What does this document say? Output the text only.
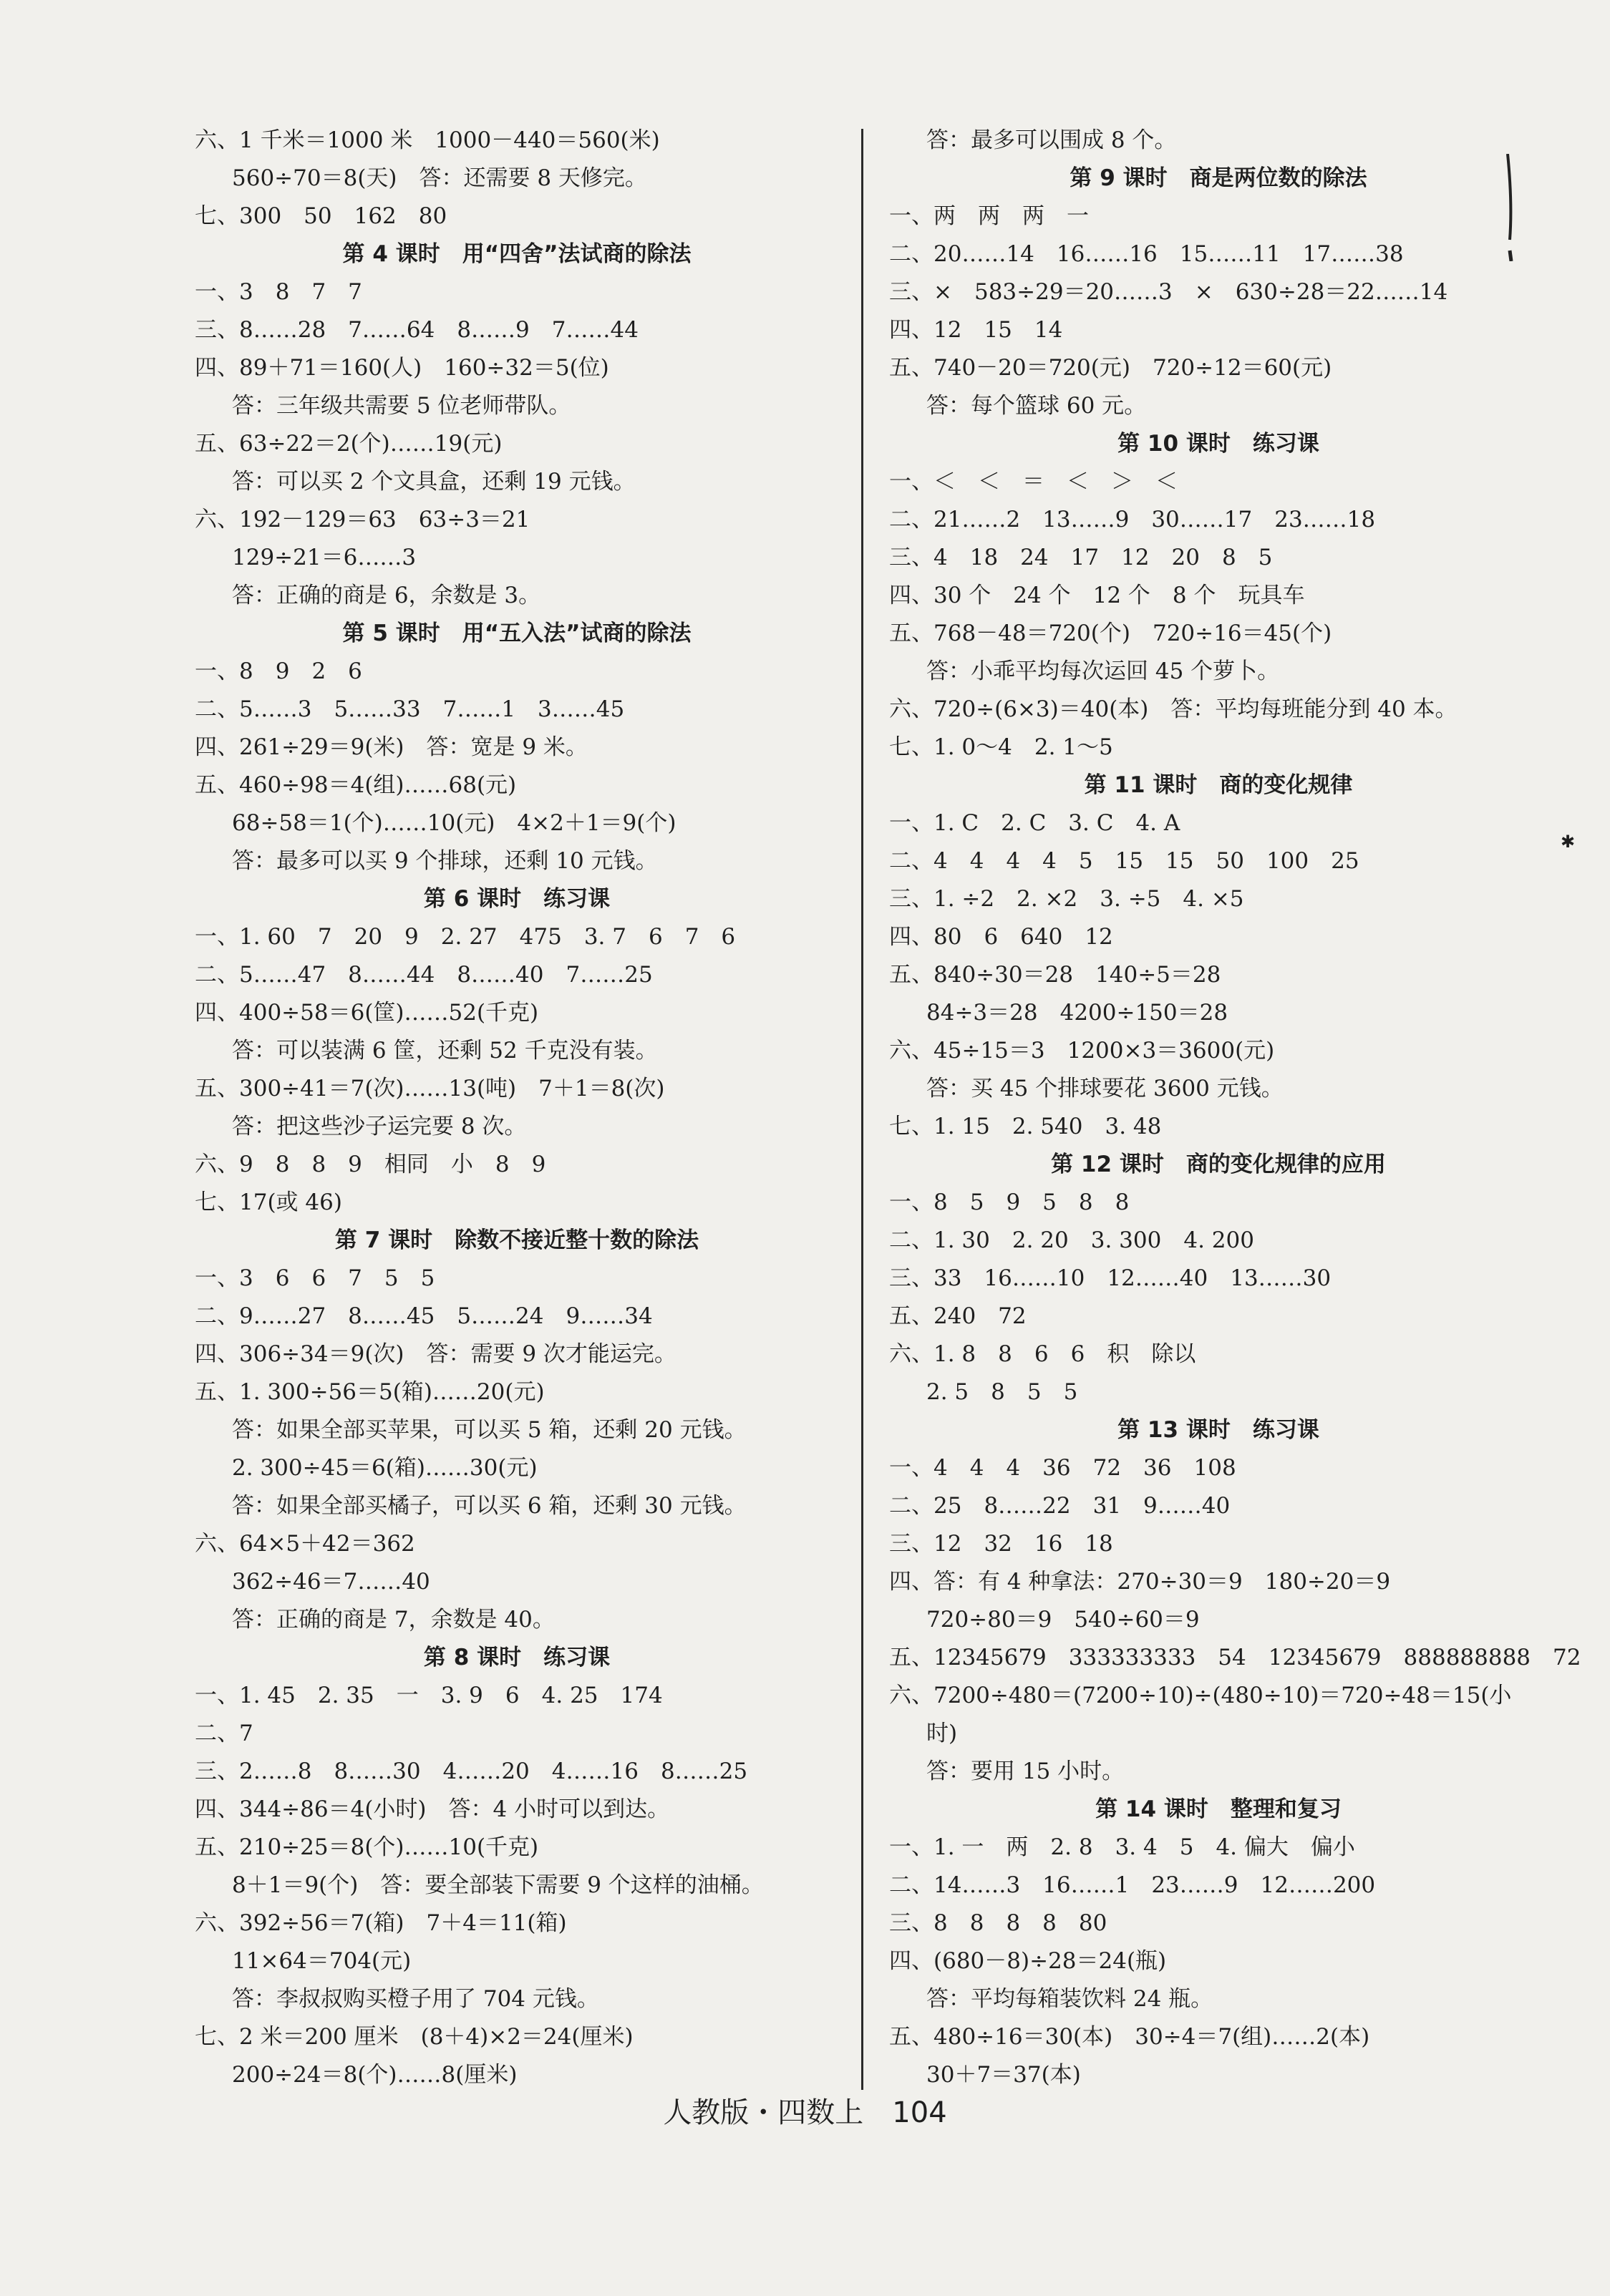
六、1 千米＝1000 米　1000－440＝560(米)
560÷70＝8(天)　答：还需要 8 天修完。
七、300　50　162　80
第 4 课时　用“四舍”法试商的除法
一、3　8　7　7
三、8……28　7……64　8……9　7……44
四、89＋71＝160(人)　160÷32＝5(位)
答：三年级共需要 5 位老师带队。
五、63÷22＝2(个)……19(元)
答：可以买 2 个文具盒，还剩 19 元钱。
六、192－129＝63　63÷3＝21
129÷21＝6……3
答：正确的商是 6，余数是 3。
第 5 课时　用“五入法”试商的除法
一、8　9　2　6
二、5……3　5……33　7……1　3……45
四、261÷29＝9(米)　答：宽是 9 米。
五、460÷98＝4(组)……68(元)
68÷58＝1(个)……10(元)　4×2＋1＝9(个)
答：最多可以买 9 个排球，还剩 10 元钱。
第 6 课时　练习课
一、1. 60　7　20　9　2. 27　475　3. 7　6　7　6
二、5……47　8……44　8……40　7……25
四、400÷58＝6(筐)……52(千克)
答：可以装满 6 筐，还剩 52 千克没有装。
五、300÷41＝7(次)……13(吨)　7＋1＝8(次)
答：把这些沙子运完要 8 次。
六、9　8　8　9　相同　小　8　9
七、17(或 46)
第 7 课时　除数不接近整十数的除法
一、3　6　6　7　5　5
二、9……27　8……45　5……24　9……34
四、306÷34＝9(次)　答：需要 9 次才能运完。
五、1. 300÷56＝5(箱)……20(元)
答：如果全部买苹果，可以买 5 箱，还剩 20 元钱。
2. 300÷45＝6(箱)……30(元)
答：如果全部买橘子，可以买 6 箱，还剩 30 元钱。
六、64×5＋42＝362
362÷46＝7……40
答：正确的商是 7，余数是 40。
第 8 课时　练习课
一、1. 45　2. 35　一　3. 9　6　4. 25　174
二、7
三、2……8　8……30　4……20　4……16　8……25
四、344÷86＝4(小时)　答：4 小时可以到达。
五、210÷25＝8(个)……10(千克)
8＋1＝9(个)　答：要全部装下需要 9 个这样的油桶。
六、392÷56＝7(箱)　7＋4＝11(箱)
11×64＝704(元)
答：李叔叔购买橙子用了 704 元钱。
七、2 米＝200 厘米　(8＋4)×2＝24(厘米)
200÷24＝8(个)……8(厘米)
答：最多可以围成 8 个。
第 9 课时　商是两位数的除法
一、两　两　两　一
二、20……14　16……16　15……11　17……38
三、×　583÷29＝20……3　×　630÷28＝22……14
四、12　15　14
五、740－20＝720(元)　720÷12＝60(元)
答：每个篮球 60 元。
第 10 课时　练习课
一、＜　＜　＝　＜　＞　＜
二、21……2　13……9　30……17　23……18
三、4　18　24　17　12　20　8　5
四、30 个　24 个　12 个　8 个　玩具车
五、768－48＝720(个)　720÷16＝45(个)
答：小乖平均每次运回 45 个萝卜。
六、720÷(6×3)＝40(本)　答：平均每班能分到 40 本。
七、1. 0～4　2. 1～5
第 11 课时　商的变化规律
一、1. C　2. C　3. C　4. A
二、4　4　4　4　5　15　15　50　100　25
三、1. ÷2　2. ×2　3. ÷5　4. ×5
四、80　6　640　12
五、840÷30＝28　140÷5＝28
84÷3＝28　4200÷150＝28
六、45÷15＝3　1200×3＝3600(元)
答：买 45 个排球要花 3600 元钱。
七、1. 15　2. 540　3. 48
第 12 课时　商的变化规律的应用
一、8　5　9　5　8　8
二、1. 30　2. 20　3. 300　4. 200
三、33　16……10　12……40　13……30
五、240　72
六、1. 8　8　6　6　积　除以
2. 5　8　5　5
第 13 课时　练习课
一、4　4　4　36　72　36　108
二、25　8……22　31　9……40
三、12　32　16　18
四、答：有 4 种拿法：270÷30＝9　180÷20＝9
720÷80＝9　540÷60＝9
五、12345679　333333333　54　12345679　888888888　72
六、7200÷480＝(7200÷10)÷(480÷10)＝720÷48＝15(小
时)
答：要用 15 小时。
第 14 课时　整理和复习
一、1. 一　两　2. 8　3. 4　5　4. 偏大　偏小
二、14……3　16……1　23……9　12……200
三、8　8　8　8　80
四、(680－8)÷28＝24(瓶)
答：平均每箱装饮料 24 瓶。
五、480÷16＝30(本)　30÷4＝7(组)……2(本)
30＋7＝37(本)
✱
人教版・四数上　104
